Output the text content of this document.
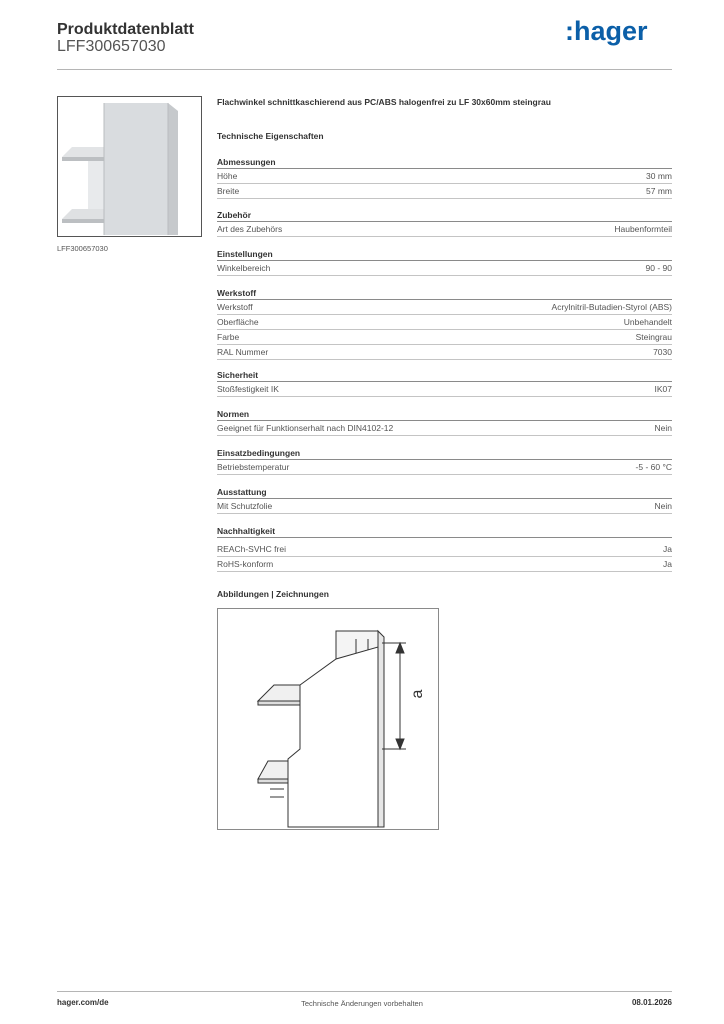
Produktdatenblatt
LFF300657030
:hager
LFF300657030
Flachwinkel schnittkaschierend aus PC/ABS halogenfrei zu LF 30x60mm steingrau
Technische Eigenschaften
Abmessungen
Höhe	30 mm
Breite	57 mm
Zubehör
Art des Zubehörs	Haubenformteil
Einstellungen
Winkelbereich	90 - 90
Werkstoff
Werkstoff	Acrylnitril-Butadien-Styrol (ABS)
Oberfläche	Unbehandelt
Farbe	Steingrau
RAL Nummer	7030
Sicherheit
Stoßfestigkeit IK	IK07
Normen
Geeignet für Funktionserhalt nach DIN4102-12	Nein
Einsatzbedingungen
Betriebstemperatur	-5 - 60 °C
Ausstattung
Mit Schutzfolie	Nein
Nachhaltigkeit
REACh-SVHC frei	Ja
RoHS-konform	Ja
Abbildungen | Zeichnungen
a
hager.com/de	Technische Änderungen vorbehalten	08.01.2026
